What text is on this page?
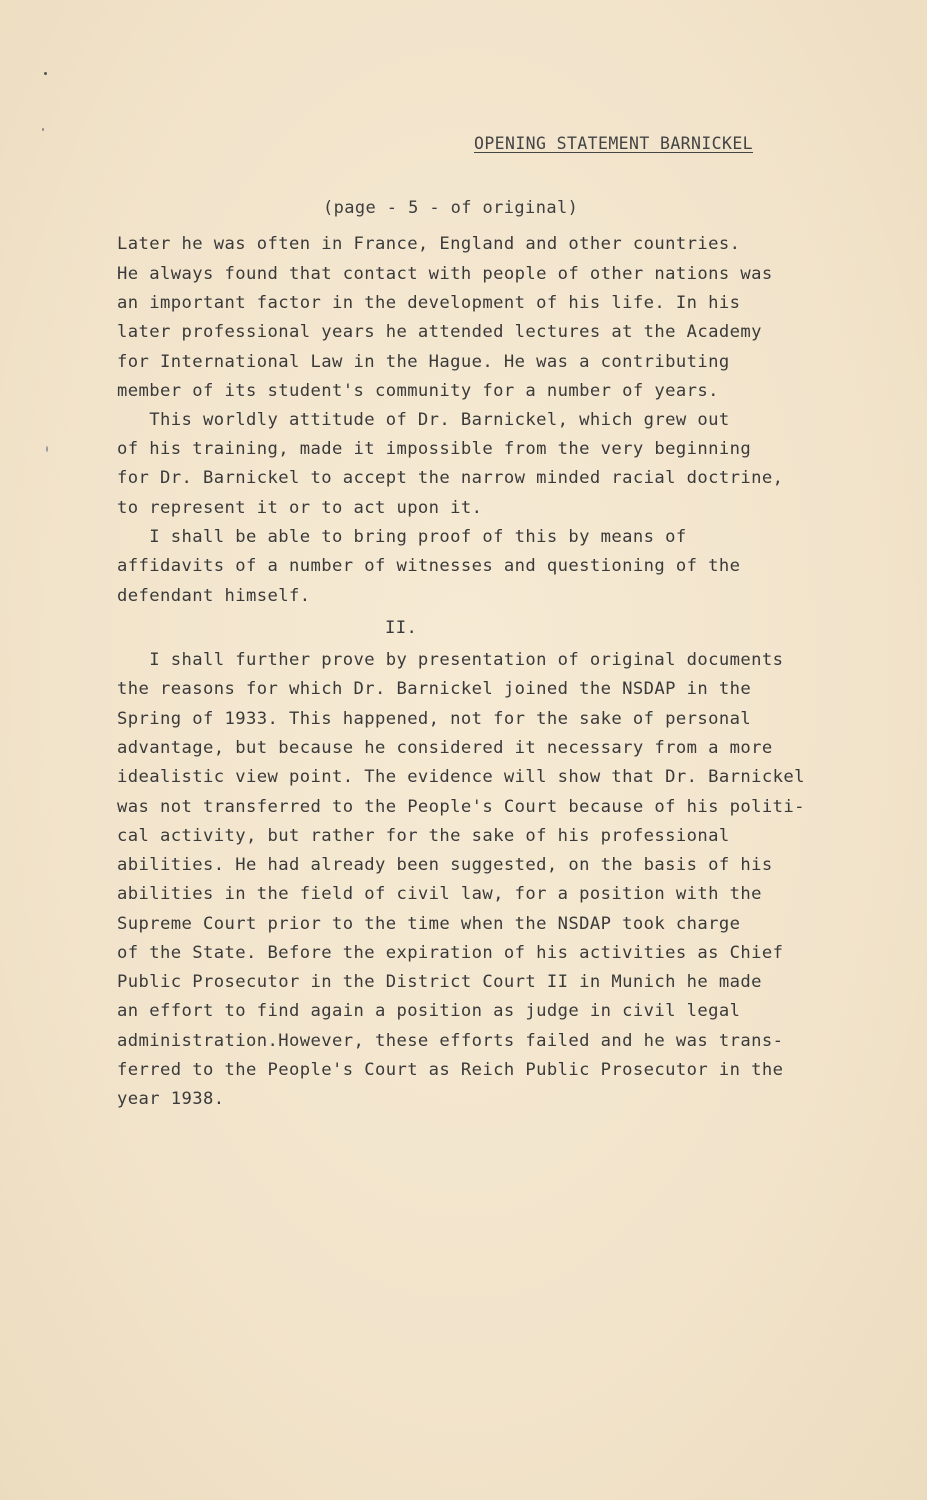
OPENING STATEMENT BARNICKEL
(page - 5 - of original)
Later he was often in France, England and other countries.
He always found that contact with people of other nations was
an important factor in the development of his life. In his
later professional years he attended lectures at the Academy
for International Law in the Hague. He was a contributing
member of its student's community for a number of years.
This worldly attitude of Dr. Barnickel, which grew out
of his training, made it impossible from the very beginning
for Dr. Barnickel to accept the narrow minded racial doctrine,
to represent it or to act upon it.
I shall be able to bring proof of this by means of
affidavits of a number of witnesses and questioning of the
defendant himself.
II.
I shall further prove by presentation of original documents
the reasons for which Dr. Barnickel joined the NSDAP in the
Spring of 1933. This happened, not for the sake of personal
advantage, but because he considered it necessary from a more
idealistic view point. The evidence will show that Dr. Barnickel
was not transferred to the People's Court because of his politi-
cal activity, but rather for the sake of his professional
abilities. He had already been suggested, on the basis of his
abilities in the field of civil law, for a position with the
Supreme Court prior to the time when the NSDAP took charge
of the State. Before the expiration of his activities as Chief
Public Prosecutor in the District Court II in Munich he made
an effort to find again a position as judge in civil legal
administration.However, these efforts failed and he was trans-
ferred to the People's Court as Reich Public Prosecutor in the
year 1938.
